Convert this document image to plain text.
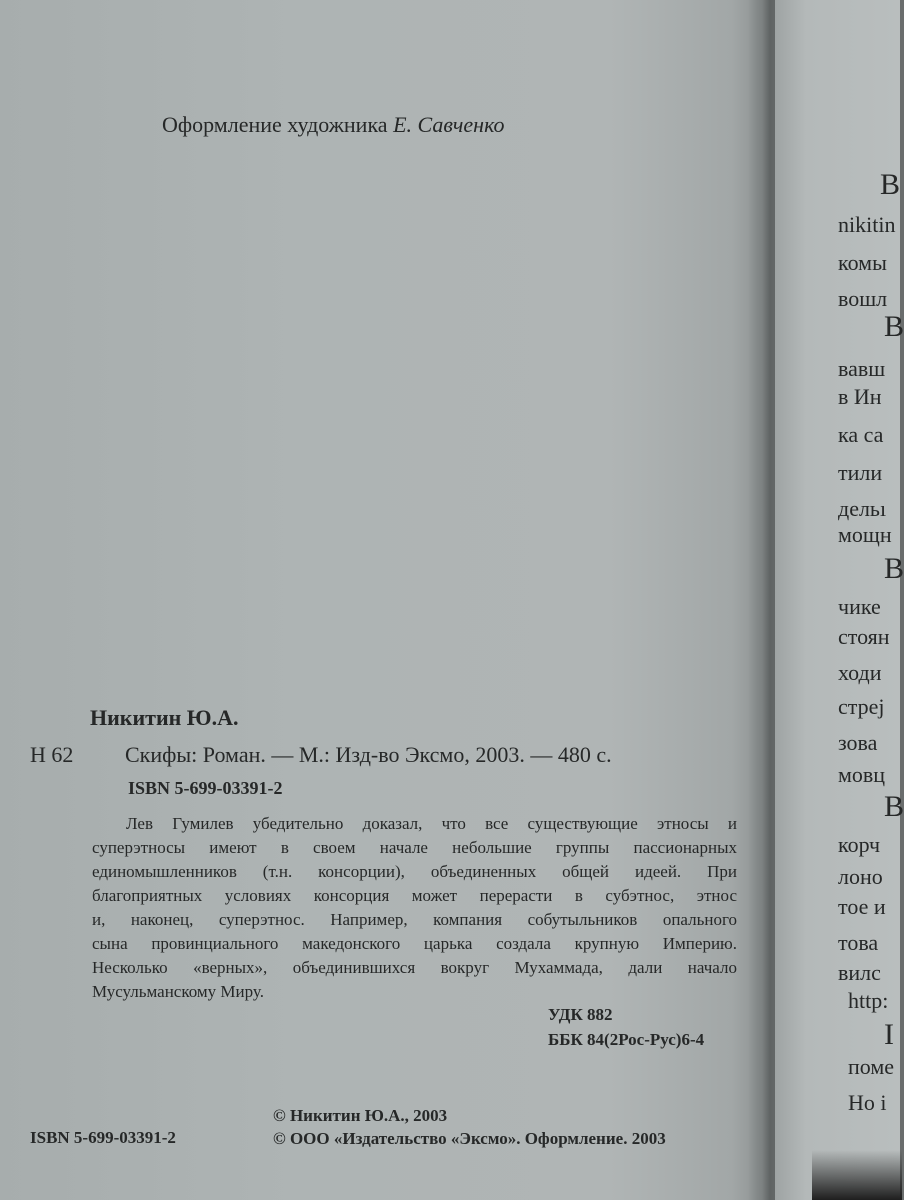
Оформление художника Е. Савченко
Никитин Ю.А.
Н 62 Скифы: Роман. — М.: Изд-во Эксмо, 2003. — 480 с.
ISBN 5-699-03391-2
Лев Гумилев убедительно доказал, что все существующие этносы и
суперэтносы имеют в своем начале небольшие группы пассионарных
единомышленников (т.н. консорции), объединенных общей идеей. При
благоприятных условиях консорция может перерасти в субэтнос, этнос
и, наконец, суперэтнос. Например, компания собутыльников опального
сына провинциального македонского царька создала крупную Империю.
Несколько «верных», объединившихся вокруг Мухаммада, дали начало
Мусульманскому Миру.
УДК 882
ББК 84(2Рос-Рус)6-4
ISBN 5-699-03391-2
© Никитин Ю.А., 2003
© ООО «Издательство «Эксмо». Оформление. 2003
В
nikitin
комы
вошл
В
вавш
в Ин
ка са
тили
дельı
мощн
В
чике
стоян
ходи
стреј
зова
мовц
В
корч
лоно
тое и
това
вилс
http:
І
поме
Но і
